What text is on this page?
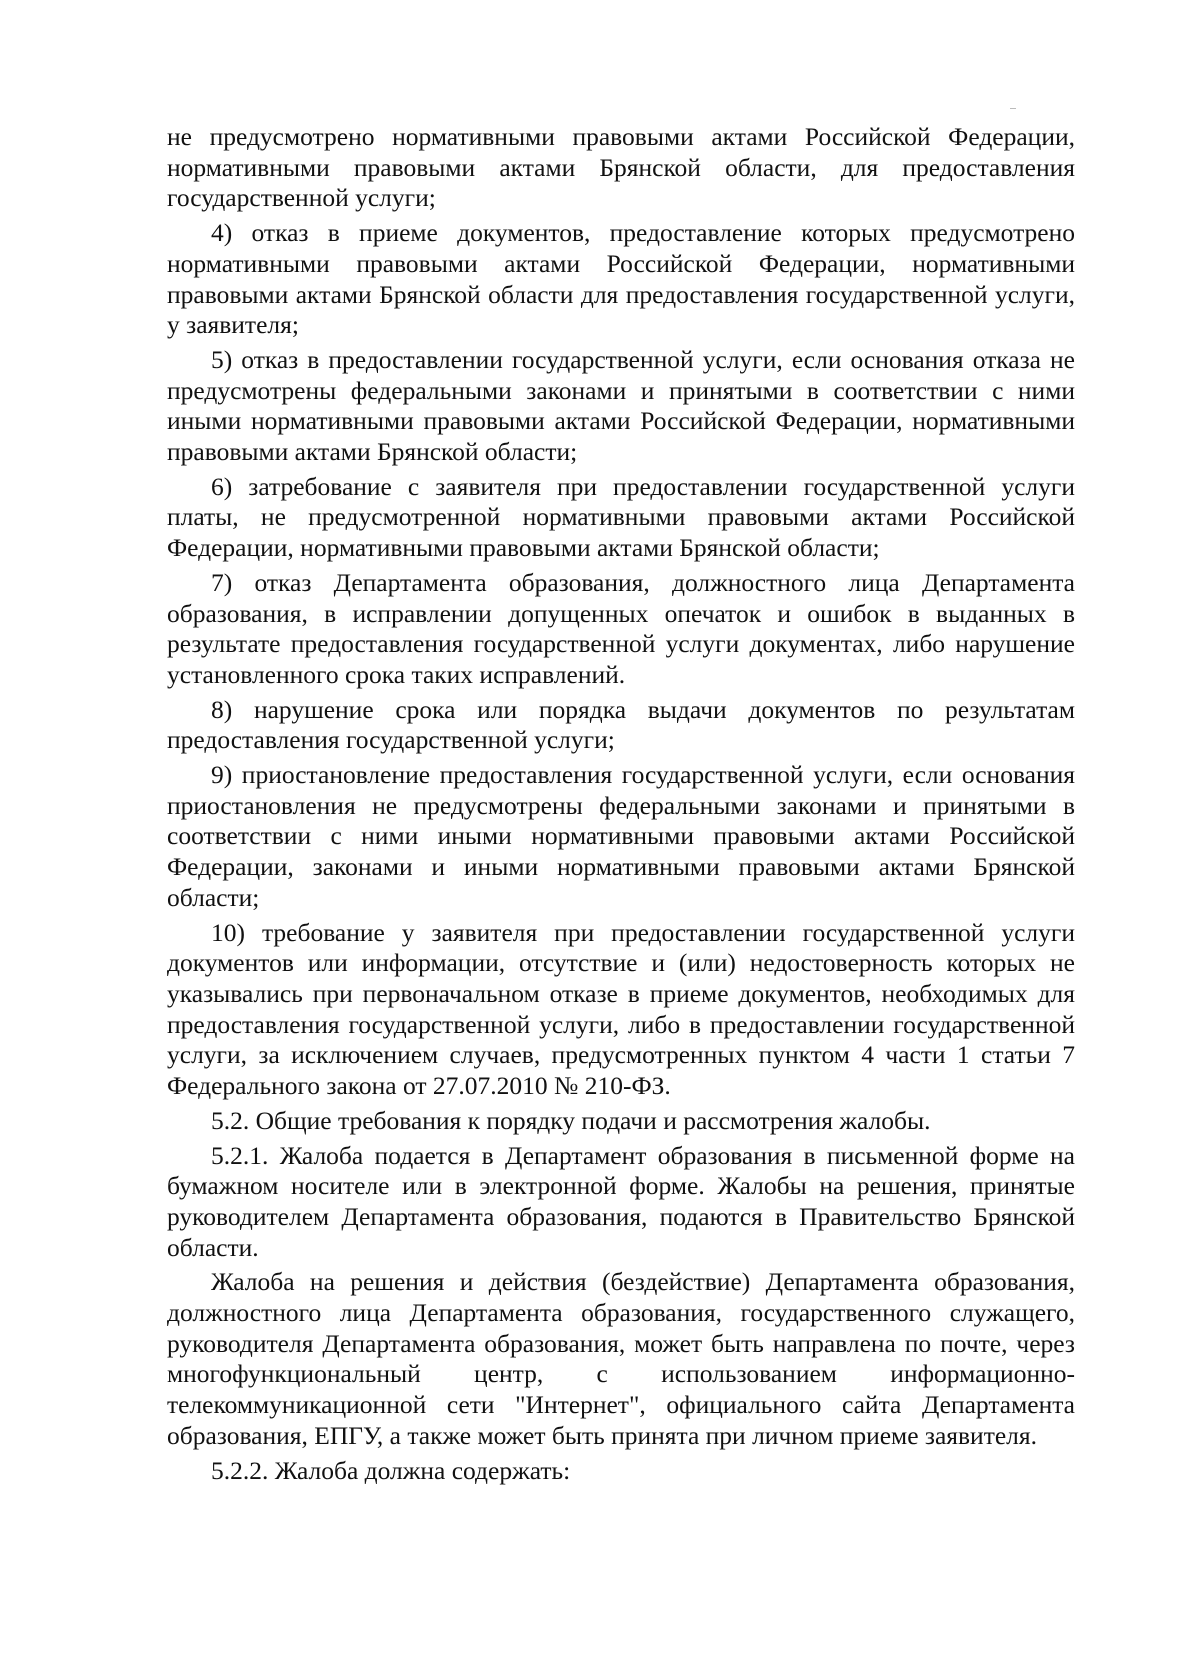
не предусмотрено нормативными правовыми актами Российской Федерации, нормативными правовыми актами Брянской области, для предоставления государственной услуги;

4) отказ в приеме документов, предоставление которых предусмотрено нормативными правовыми актами Российской Федерации, нормативными правовыми актами Брянской области для предоставления государственной услуги, у заявителя;

5) отказ в предоставлении государственной услуги, если основания отказа не предусмотрены федеральными законами и принятыми в соответствии с ними иными нормативными правовыми актами Российской Федерации, нормативными правовыми актами Брянской области;

6) затребование с заявителя при предоставлении государственной услуги платы, не предусмотренной нормативными правовыми актами Российской Федерации, нормативными правовыми актами Брянской области;

7) отказ Департамента образования, должностного лица Департамента образования, в исправлении допущенных опечаток и ошибок в выданных в результате предоставления государственной услуги документах, либо нарушение установленного срока таких исправлений.

8) нарушение срока или порядка выдачи документов по результатам предоставления государственной услуги;

9) приостановление предоставления государственной услуги, если основания приостановления не предусмотрены федеральными законами и принятыми в соответствии с ними иными нормативными правовыми актами Российской Федерации, законами и иными нормативными правовыми актами Брянской области;

10) требование у заявителя при предоставлении государственной услуги документов или информации, отсутствие и (или) недостоверность которых не указывались при первоначальном отказе в приеме документов, необходимых для предоставления государственной услуги, либо в предоставлении государственной услуги, за исключением случаев, предусмотренных пунктом 4 части 1 статьи 7 Федерального закона от 27.07.2010 № 210-ФЗ.

5.2. Общие требования к порядку подачи и рассмотрения жалобы.

5.2.1. Жалоба подается в Департамент образования в письменной форме на бумажном носителе или в электронной форме. Жалобы на решения, принятые руководителем Департамента образования, подаются в Правительство Брянской области.

Жалоба на решения и действия (бездействие) Департамента образования, должностного лица Департамента образования, государственного служащего, руководителя Департамента образования, может быть направлена по почте, через многофункциональный центр, с использованием информационно-телекоммуникационной сети "Интернет", официального сайта Департамента образования, ЕПГУ, а также может быть принята при личном приеме заявителя.

5.2.2. Жалоба должна содержать:
